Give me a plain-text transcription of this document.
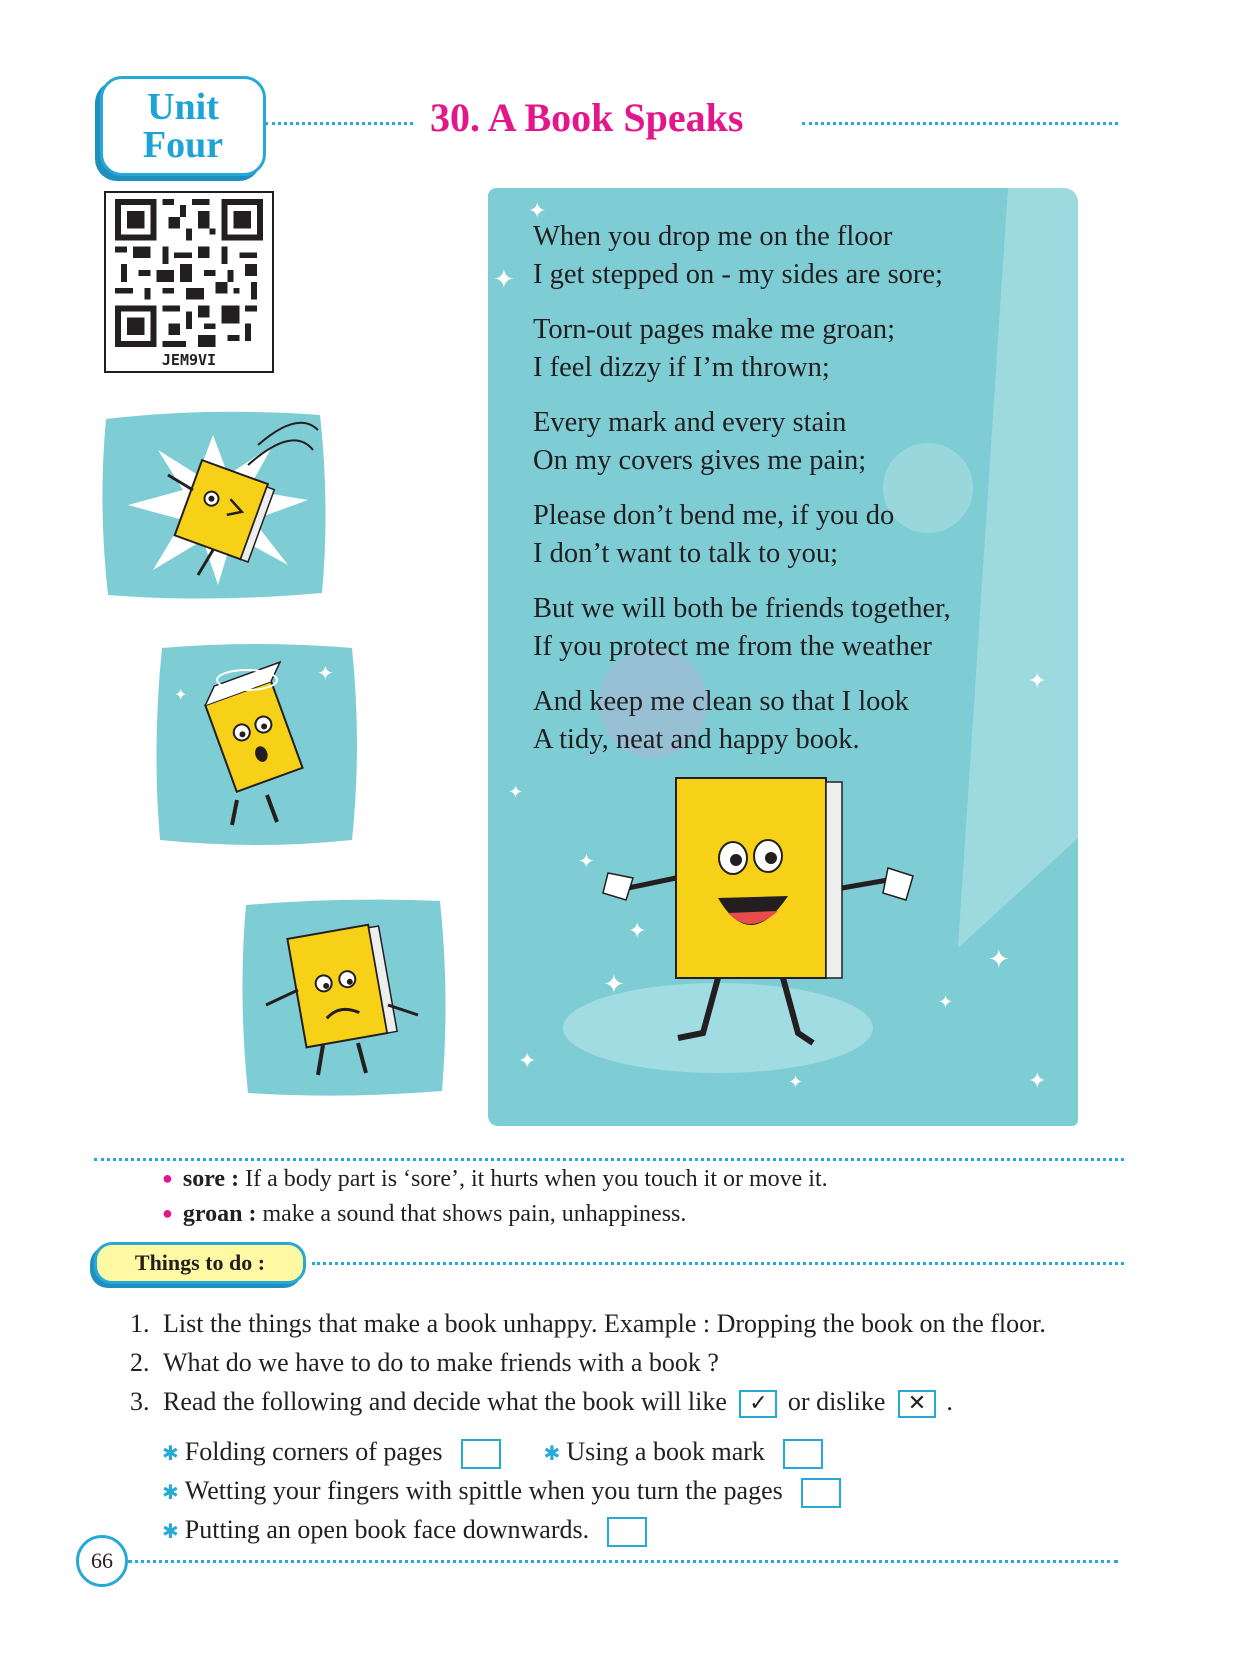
Unit
Four
30. A Book Speaks
JEM9VI
✦
✦
✦
✦
✦
✦
✦
✦
✦
✦
✦
✦
✦
✦
When you drop me on the floor
I get stepped on - my sides are sore;
Torn-out pages make me groan;
I feel dizzy if I’m thrown;
Every mark and every stain
On my covers gives me pain;
Please don’t bend me, if you do
I don’t want to talk to you;
But we will both be friends together,
If you protect me from the weather
And keep me clean so that I look
A tidy, neat and happy book.
● sore : If a body part is ‘sore’, it hurts when you touch it or move it.
● groan : make a sound that shows pain, unhappiness.
Things to do :
1. List the things that make a book unhappy. Example : Dropping the book on the floor.
2. What do we have to do to make friends with a book ?
3. Read the following and decide what the book will like ✓ or dislike ✕ .
✱ Folding corners of pages	✱ Using a book mark
✱ Wetting your fingers with spittle when you turn the pages
✱ Putting an open book face downwards.
66
